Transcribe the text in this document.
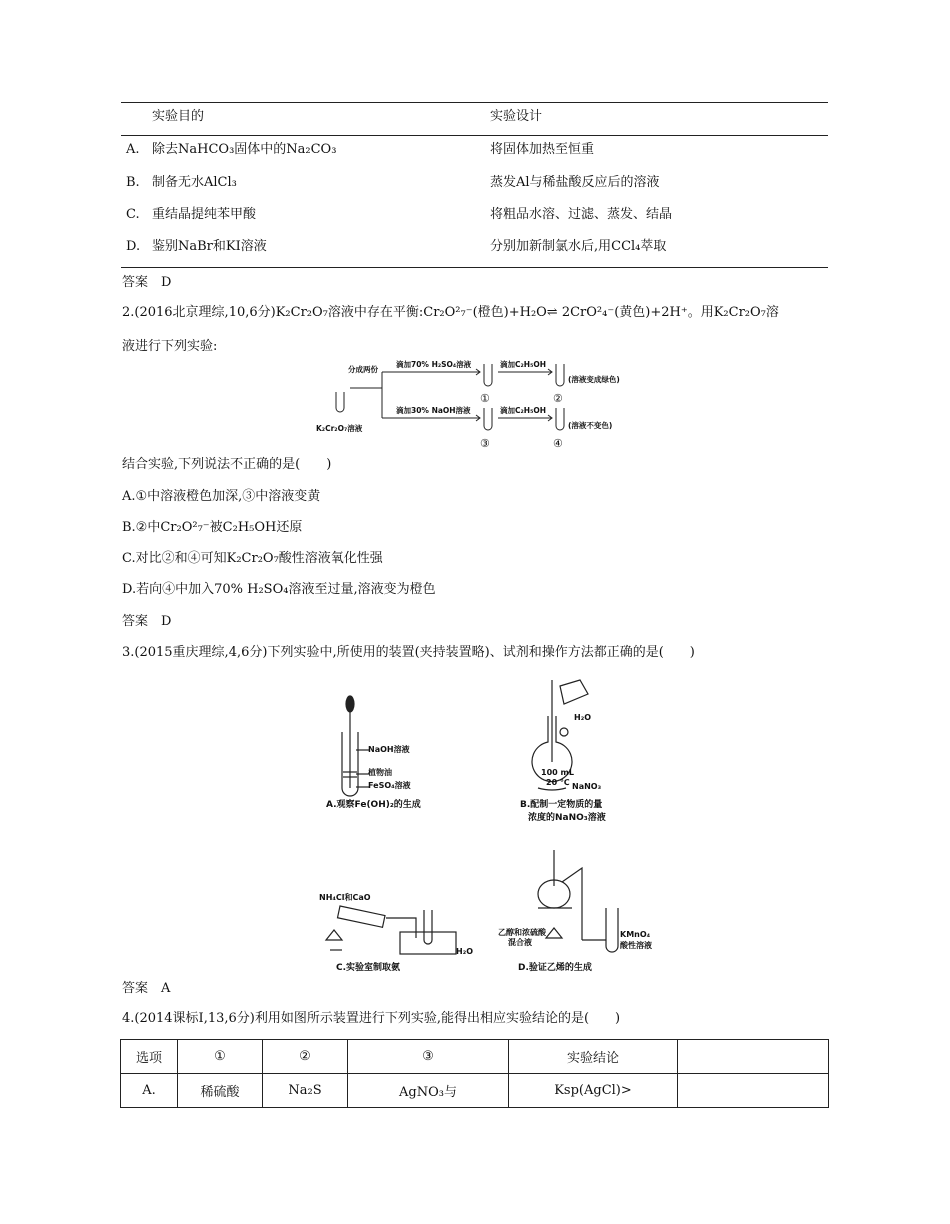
实验目的	实验设计
A. 除去NaHCO₃固体中的Na₂CO₃	将固体加热至恒重
B. 制备无水AlCl₃	蒸发Al与稀盐酸反应后的溶液
C. 重结晶提纯苯甲酸	将粗品水溶、过滤、蒸发、结晶
D. 鉴别NaBr和KI溶液	分别加新制氯水后,用CCl₄萃取
答案　D
2.(2016北京理综,10,6分)K₂Cr₂O₇溶液中存在平衡:Cr₂O²₇⁻(橙色)+H₂O⇌ 2CrO²₄⁻(黄色)+2H⁺。用K₂Cr₂O₇溶
液进行下列实验:
分成两份
K₂Cr₂O₇溶液
滴加70% H₂SO₄溶液
滴加30% NaOH溶液
滴加C₂H₅OH
滴加C₂H₅OH
①	②
③	④
(溶液变成绿色)
(溶液不变色)
结合实验,下列说法不正确的是(　　)
A.①中溶液橙色加深,③中溶液变黄
B.②中Cr₂O²₇⁻被C₂H₅OH还原
C.对比②和④可知K₂Cr₂O₇酸性溶液氧化性强
D.若向④中加入70% H₂SO₄溶液至过量,溶液变为橙色
答案　D
3.(2015重庆理综,4,6分)下列实验中,所使用的装置(夹持装置略)、试剂和操作方法都正确的是(　　)
NaOH溶液
植物油
FeSO₄溶液
A.观察Fe(OH)₂的生成
H₂O
100 mL
20 ℃ NaNO₃
B.配制一定物质的量
浓度的NaNO₃溶液
NH₄Cl和CaO
H₂O
C.实验室制取氨
乙醇和浓硫酸
混合液
KMnO₄
酸性溶液
D.验证乙烯的生成
答案　A
4.(2014课标Ⅰ,13,6分)利用如图所示装置进行下列实验,能得出相应实验结论的是(　　)
选项	①	②	③	实验结论	
A.	稀硫酸	Na₂S	AgNO₃与	Ksp(AgCl)>	
